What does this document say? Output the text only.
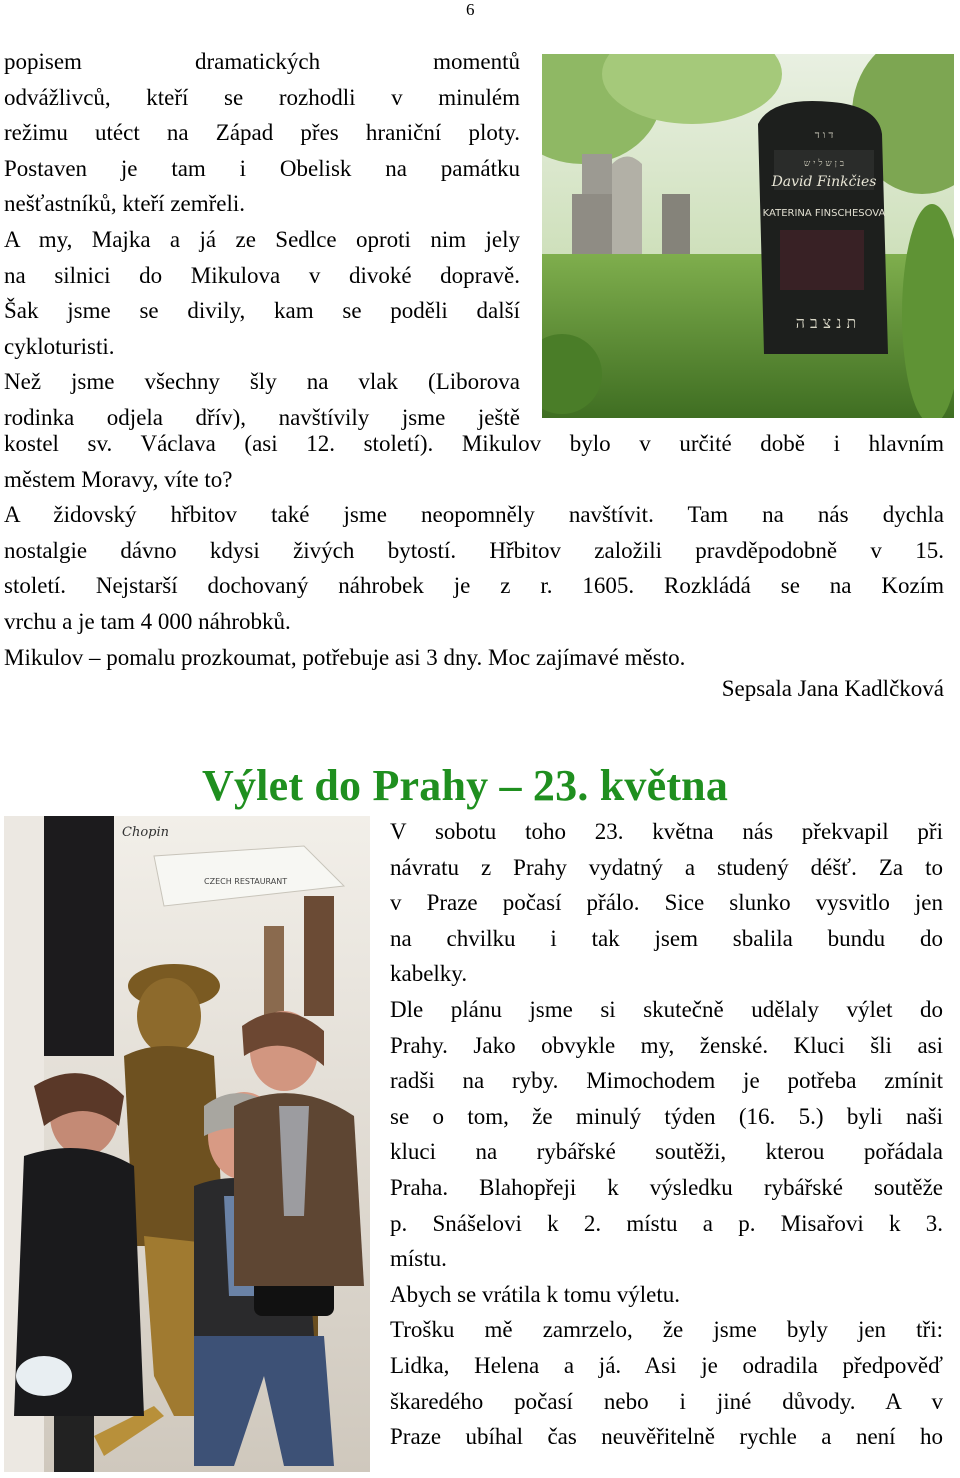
6
popisem dramatických momentů
odvážlivců, kteří se rozhodli v minulém
režimu utéct na Západ přes hraniční ploty.
Postaven je tam i Obelisk na památku
nešťastníků, kteří zemřeli.
A my, Majka a já ze Sedlce oproti nim jely
na silnici do Mikulova v divoké dopravě.
Šak jsme se divily, kam se poděli další
cykloturisti.
Než jsme všechny šly na vlak (Liborova
rodinka odjela dřív), navštívily jsme ještě
ד ו ד
ב ן ש ל י ש
David Finkčies
KATERINA FINSCHESOVA
ת נ צ ב ה
kostel sv. Václava (asi 12. století). Mikulov bylo v určité době i hlavním
městem Moravy, víte to?
A židovský hřbitov také jsme neopomněly navštívit. Tam na nás dychla
nostalgie dávno kdysi živých bytostí. Hřbitov založili pravděpodobně v 15.
století. Nejstarší dochovaný náhrobek je z r. 1605. Rozkládá se na Kozím
vrchu a je tam 4 000 náhrobků.
Mikulov – pomalu prozkoumat, potřebuje asi 3 dny. Moc zajímavé město.
Sepsala Jana Kadlčková
Výlet do Prahy – 23. května
Chopin
CZECH RESTAURANT
V sobotu toho 23. května nás překvapil při
návratu z Prahy vydatný a studený déšť. Za to
v Praze počasí přálo. Sice slunko vysvitlo jen
na chvilku i tak jsem sbalila bundu do
kabelky.
Dle plánu jsme si skutečně udělaly výlet do
Prahy. Jako obvykle my, ženské. Kluci šli asi
radši na ryby. Mimochodem je potřeba zmínit
se o tom, že minulý týden (16. 5.) byli naši
kluci na rybářské soutěži, kterou pořádala
Praha. Blahopřeji k výsledku rybářské soutěže
p. Snášelovi k 2. místu a p. Misařovi k 3.
místu.
Abych se vrátila k tomu výletu.
Trošku mě zamrzelo, že jsme byly jen tři:
Lidka, Helena a já. Asi je odradila předpověď
škaredého počasí nebo i jiné důvody. A v
Praze ubíhal čas neuvěřitelně rychle a není ho
